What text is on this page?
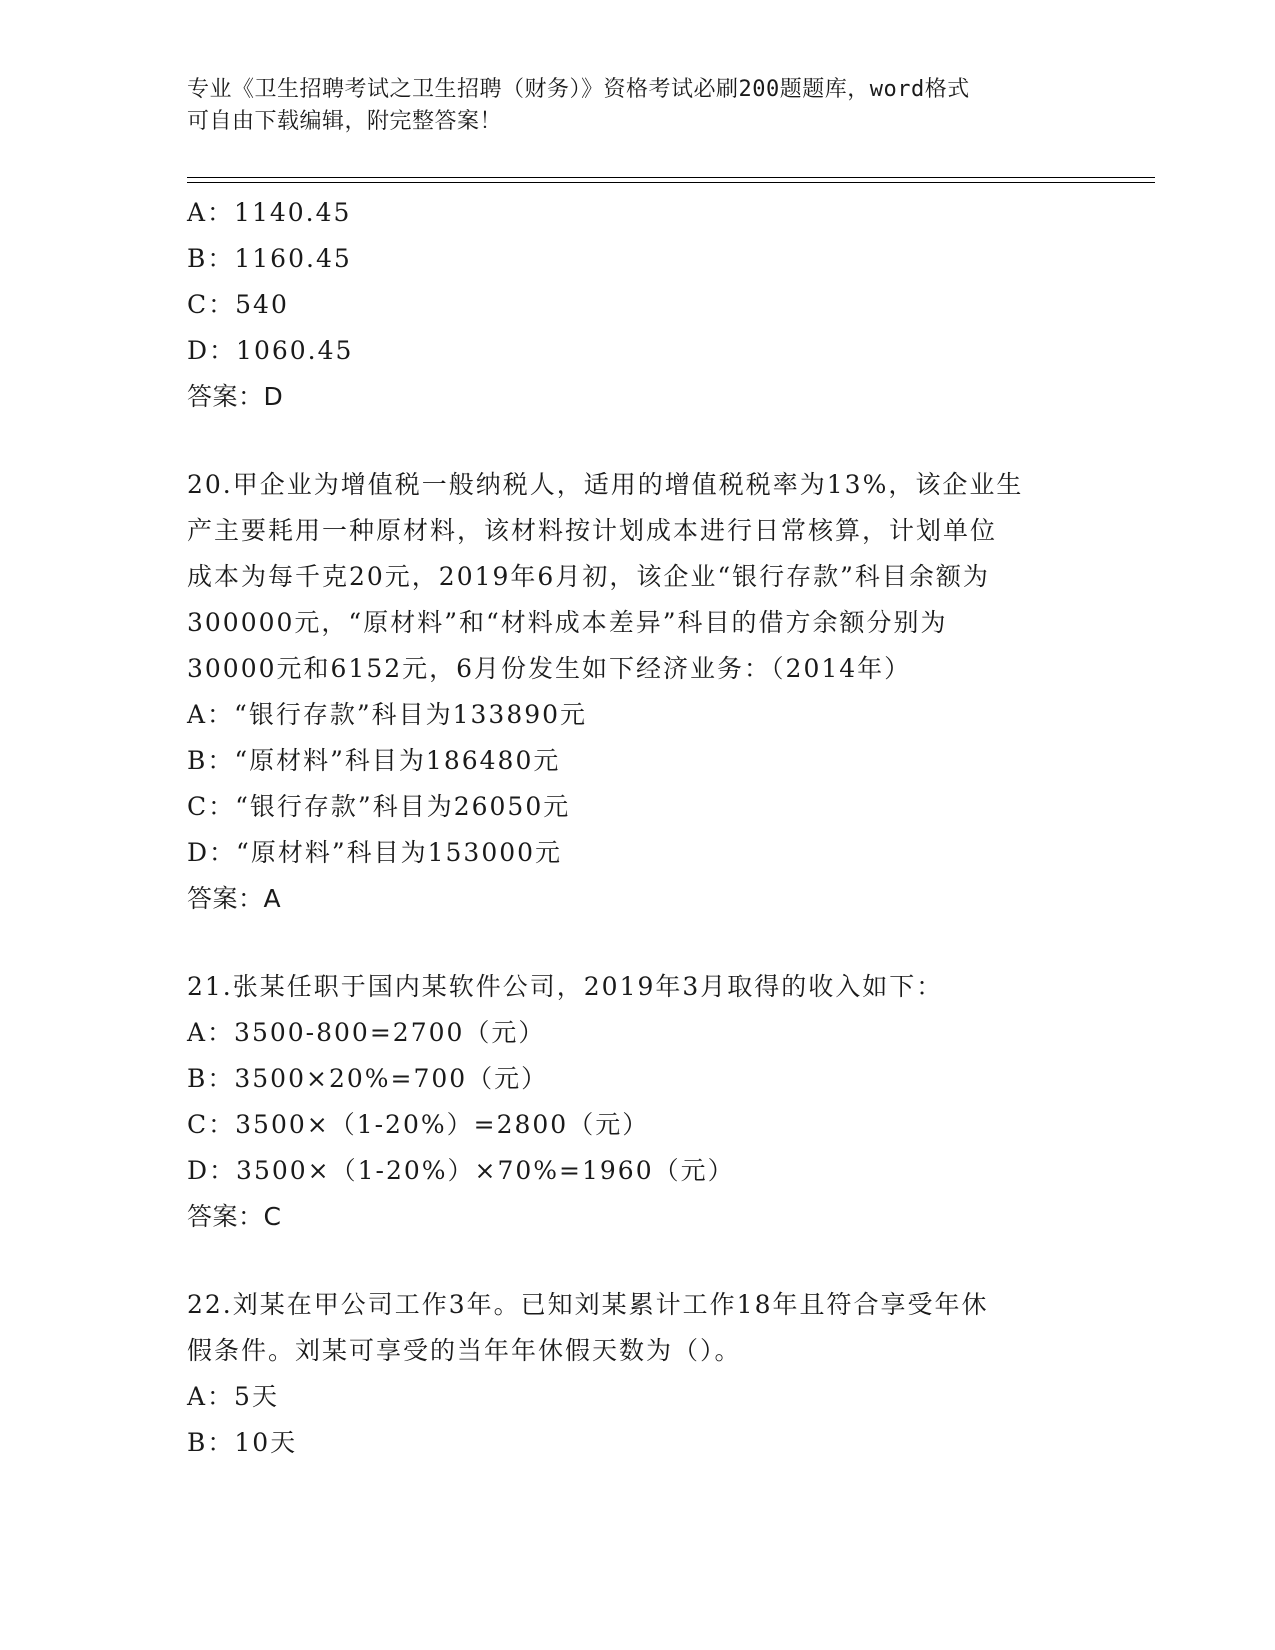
专业《卫生招聘考试之卫生招聘（财务）》资格考试必刷200题题库，word格式
可自由下载编辑，附完整答案！
A：1140.45
B：1160.45
C：540
D：1060.45
答案：D
20.甲企业为增值税一般纳税人，适用的增值税税率为13%，该企业生
产主要耗用一种原材料，该材料按计划成本进行日常核算，计划单位
成本为每千克20元，2019年6月初，该企业“银行存款”科目余额为
300000元，“原材料”和“材料成本差异”科目的借方余额分别为
30000元和6152元，6月份发生如下经济业务：（2014年）
A：“银行存款”科目为133890元
B：“原材料”科目为186480元
C：“银行存款”科目为26050元
D：“原材料”科目为153000元
答案：A
21.张某任职于国内某软件公司，2019年3月取得的收入如下：
A：3500-800=2700（元）
B：3500×20%=700（元）
C：3500×（1-20%）=2800（元）
D：3500×（1-20%）×70%=1960（元）
答案：C
22.刘某在甲公司工作3年。已知刘某累计工作18年且符合享受年休
假条件。刘某可享受的当年年休假天数为（）。
A：5天
B：10天
